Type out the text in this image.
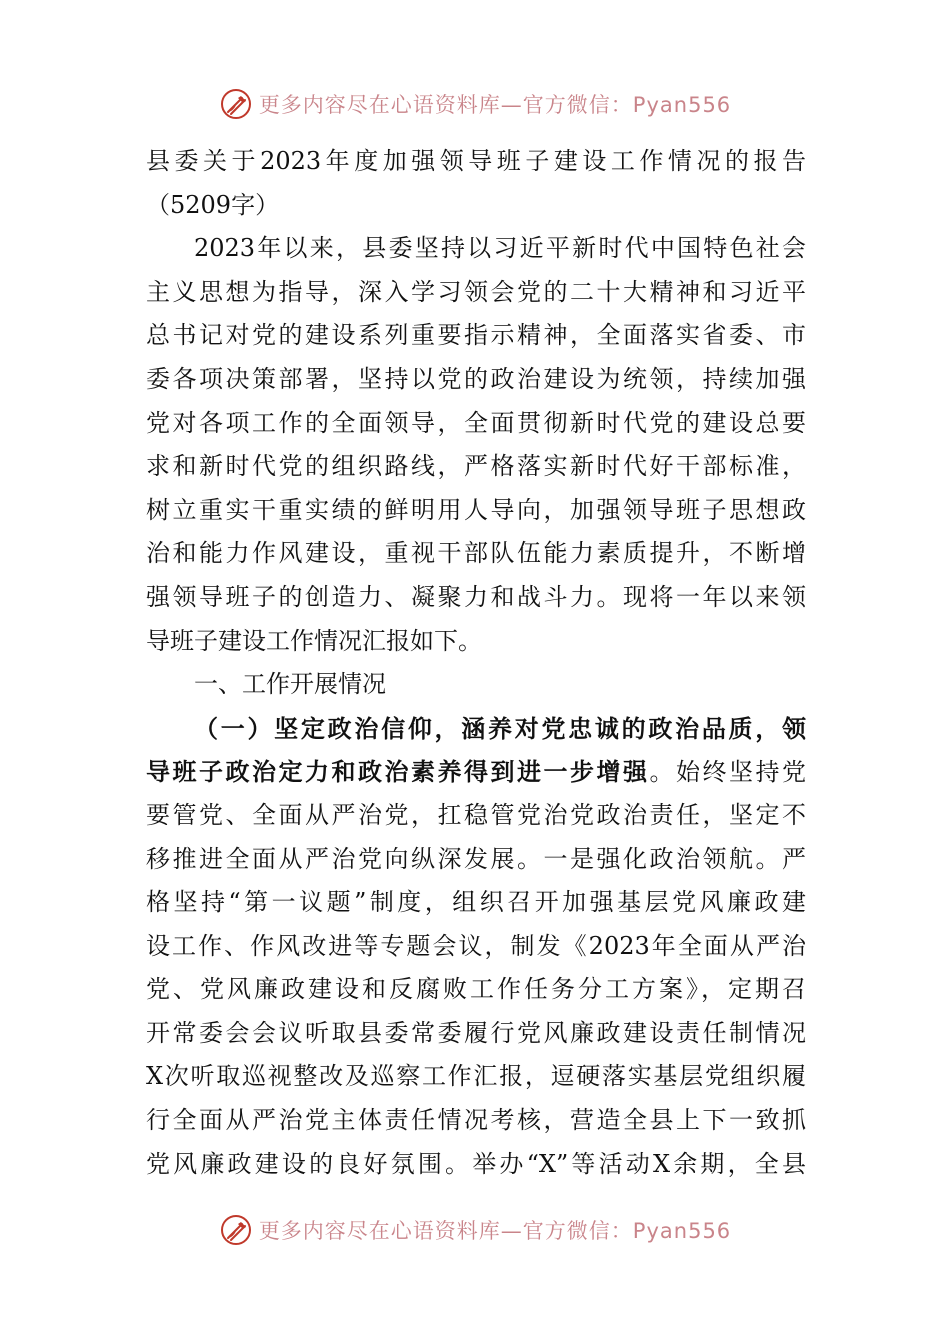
更多内容尽在心语资料库—官方微信：Pyan556
县委关于2023年度加强领导班子建设工作情况的报告
（5209字）
2023年以来，县委坚持以习近平新时代中国特色社会
主义思想为指导，深入学习领会党的二十大精神和习近平
总书记对党的建设系列重要指示精神，全面落实省委、市
委各项决策部署，坚持以党的政治建设为统领，持续加强
党对各项工作的全面领导，全面贯彻新时代党的建设总要
求和新时代党的组织路线，严格落实新时代好干部标准，
树立重实干重实绩的鲜明用人导向，加强领导班子思想政
治和能力作风建设，重视干部队伍能力素质提升，不断增
强领导班子的创造力、凝聚力和战斗力。现将一年以来领
导班子建设工作情况汇报如下。
一、工作开展情况
（一）坚定政治信仰，涵养对党忠诚的政治品质，领
导班子政治定力和政治素养得到进一步增强。始终坚持党
要管党、全面从严治党，扛稳管党治党政治责任，坚定不
移推进全面从严治党向纵深发展。一是强化政治领航。严
格坚持“第一议题”制度，组织召开加强基层党风廉政建
设工作、作风改进等专题会议，制发《2023年全面从严治
党、党风廉政建设和反腐败工作任务分工方案》，定期召
开常委会会议听取县委常委履行党风廉政建设责任制情况
X次听取巡视整改及巡察工作汇报，逗硬落实基层党组织履
行全面从严治党主体责任情况考核，营造全县上下一致抓
党风廉政建设的良好氛围。举办“X”等活动X余期，全县
更多内容尽在心语资料库—官方微信：Pyan556
